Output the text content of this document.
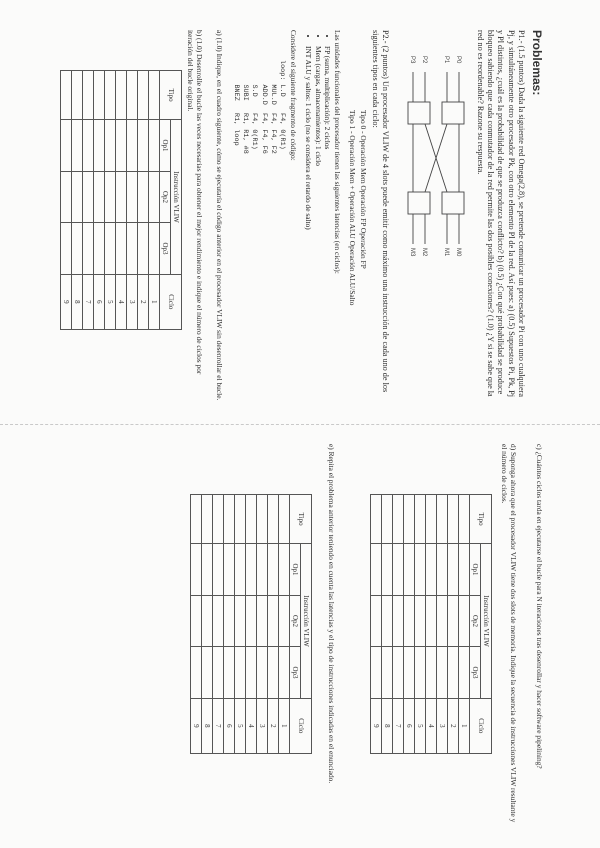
Problemas:

P1.- (1.5 puntos) Dada la siguiente red Omega(2,8), se pretende comunicar un procesador Pi con uno cualquiera Pj, y simultáneamente otro procesador Pk, con otro elemento Pl de la red. Así pues: a) (0.5) Supuestos Pi, Pk, Pj y Pl distintos, ¿cuál es la probabilidad de que se produzca conflicto? b) (0.5) ¿Con qué probabilidad se produce bloqueo sabiendo que cada conmutador de la red permite las dos posibles conexiones? (1.0) ¿Y si se sabe que la red no es reordenable? Razone su respuesta.

P0
P1
P2
P3
M0
M1
M2
M3

P2.- (2 puntos) Un procesador VLIW de 4 slots puede emitir como máximo una instrucción de cada uno de los siguientes tipos en cada ciclo:

Tipo 0 - Operación Mem Operación FP Operación FP

Tipo 1 - Operación Mem + Operación ALU Operación ALU/Salto

Las unidades funcionales del procesador tienen las siguientes latencias (en ciclos):

• FP (suma, multiplicación): 2 ciclos
• Mem (cargas, almacenamientos): 1 ciclo
• INT ALU y saltos: 1 ciclo (no se considera el retardo de salto)

Considere el siguiente fragmento de código:

loop: L.D    F4, 0(R1)
MUL.D  F4, F4, F2
ADD.D  F4, F4, F6
S.D    F4, 0(R1)
SUBI   R1, R1, #8
BNEZ   R1, loop

a) (1.0) Indique, en el cuadro siguiente, cómo se ejecutaría el código anterior en el procesador VLIW sin desenrollar el bucle.

b) (1.0) Desenrolle el bucle las veces necesarias para obtener el mejor rendimiento e indique el número de ciclos por iteración del bucle original.

Tipo	Instrucción VLIW			Ciclo
	Op1	Op2	Op3	
				1
				2
				3
				4
				5
				6
				7
				8
				9

c) ¿Cuántos ciclos tarda en ejecutarse el bucle para N iteraciones tras desenrollar y hacer software pipelining?

d) Suponga ahora que el procesador VLIW tiene dos slots de memoria. Indique la secuencia de instrucciones VLIW resultante y el número de ciclos.

Tipo	Instrucción VLIW			Ciclo
	Op1	Op2	Op3	
				1
				2
				3
				4
				5
				6
				7
				8
				9

e) Repita el problema anterior teniendo en cuenta las latencias y el tipo de instrucciones indicadas en el enunciado.

Tipo	Instrucción VLIW			Ciclo
	Op1	Op2	Op3	
				1
				2
				3
				4
				5
				6
				7
				8
				9
